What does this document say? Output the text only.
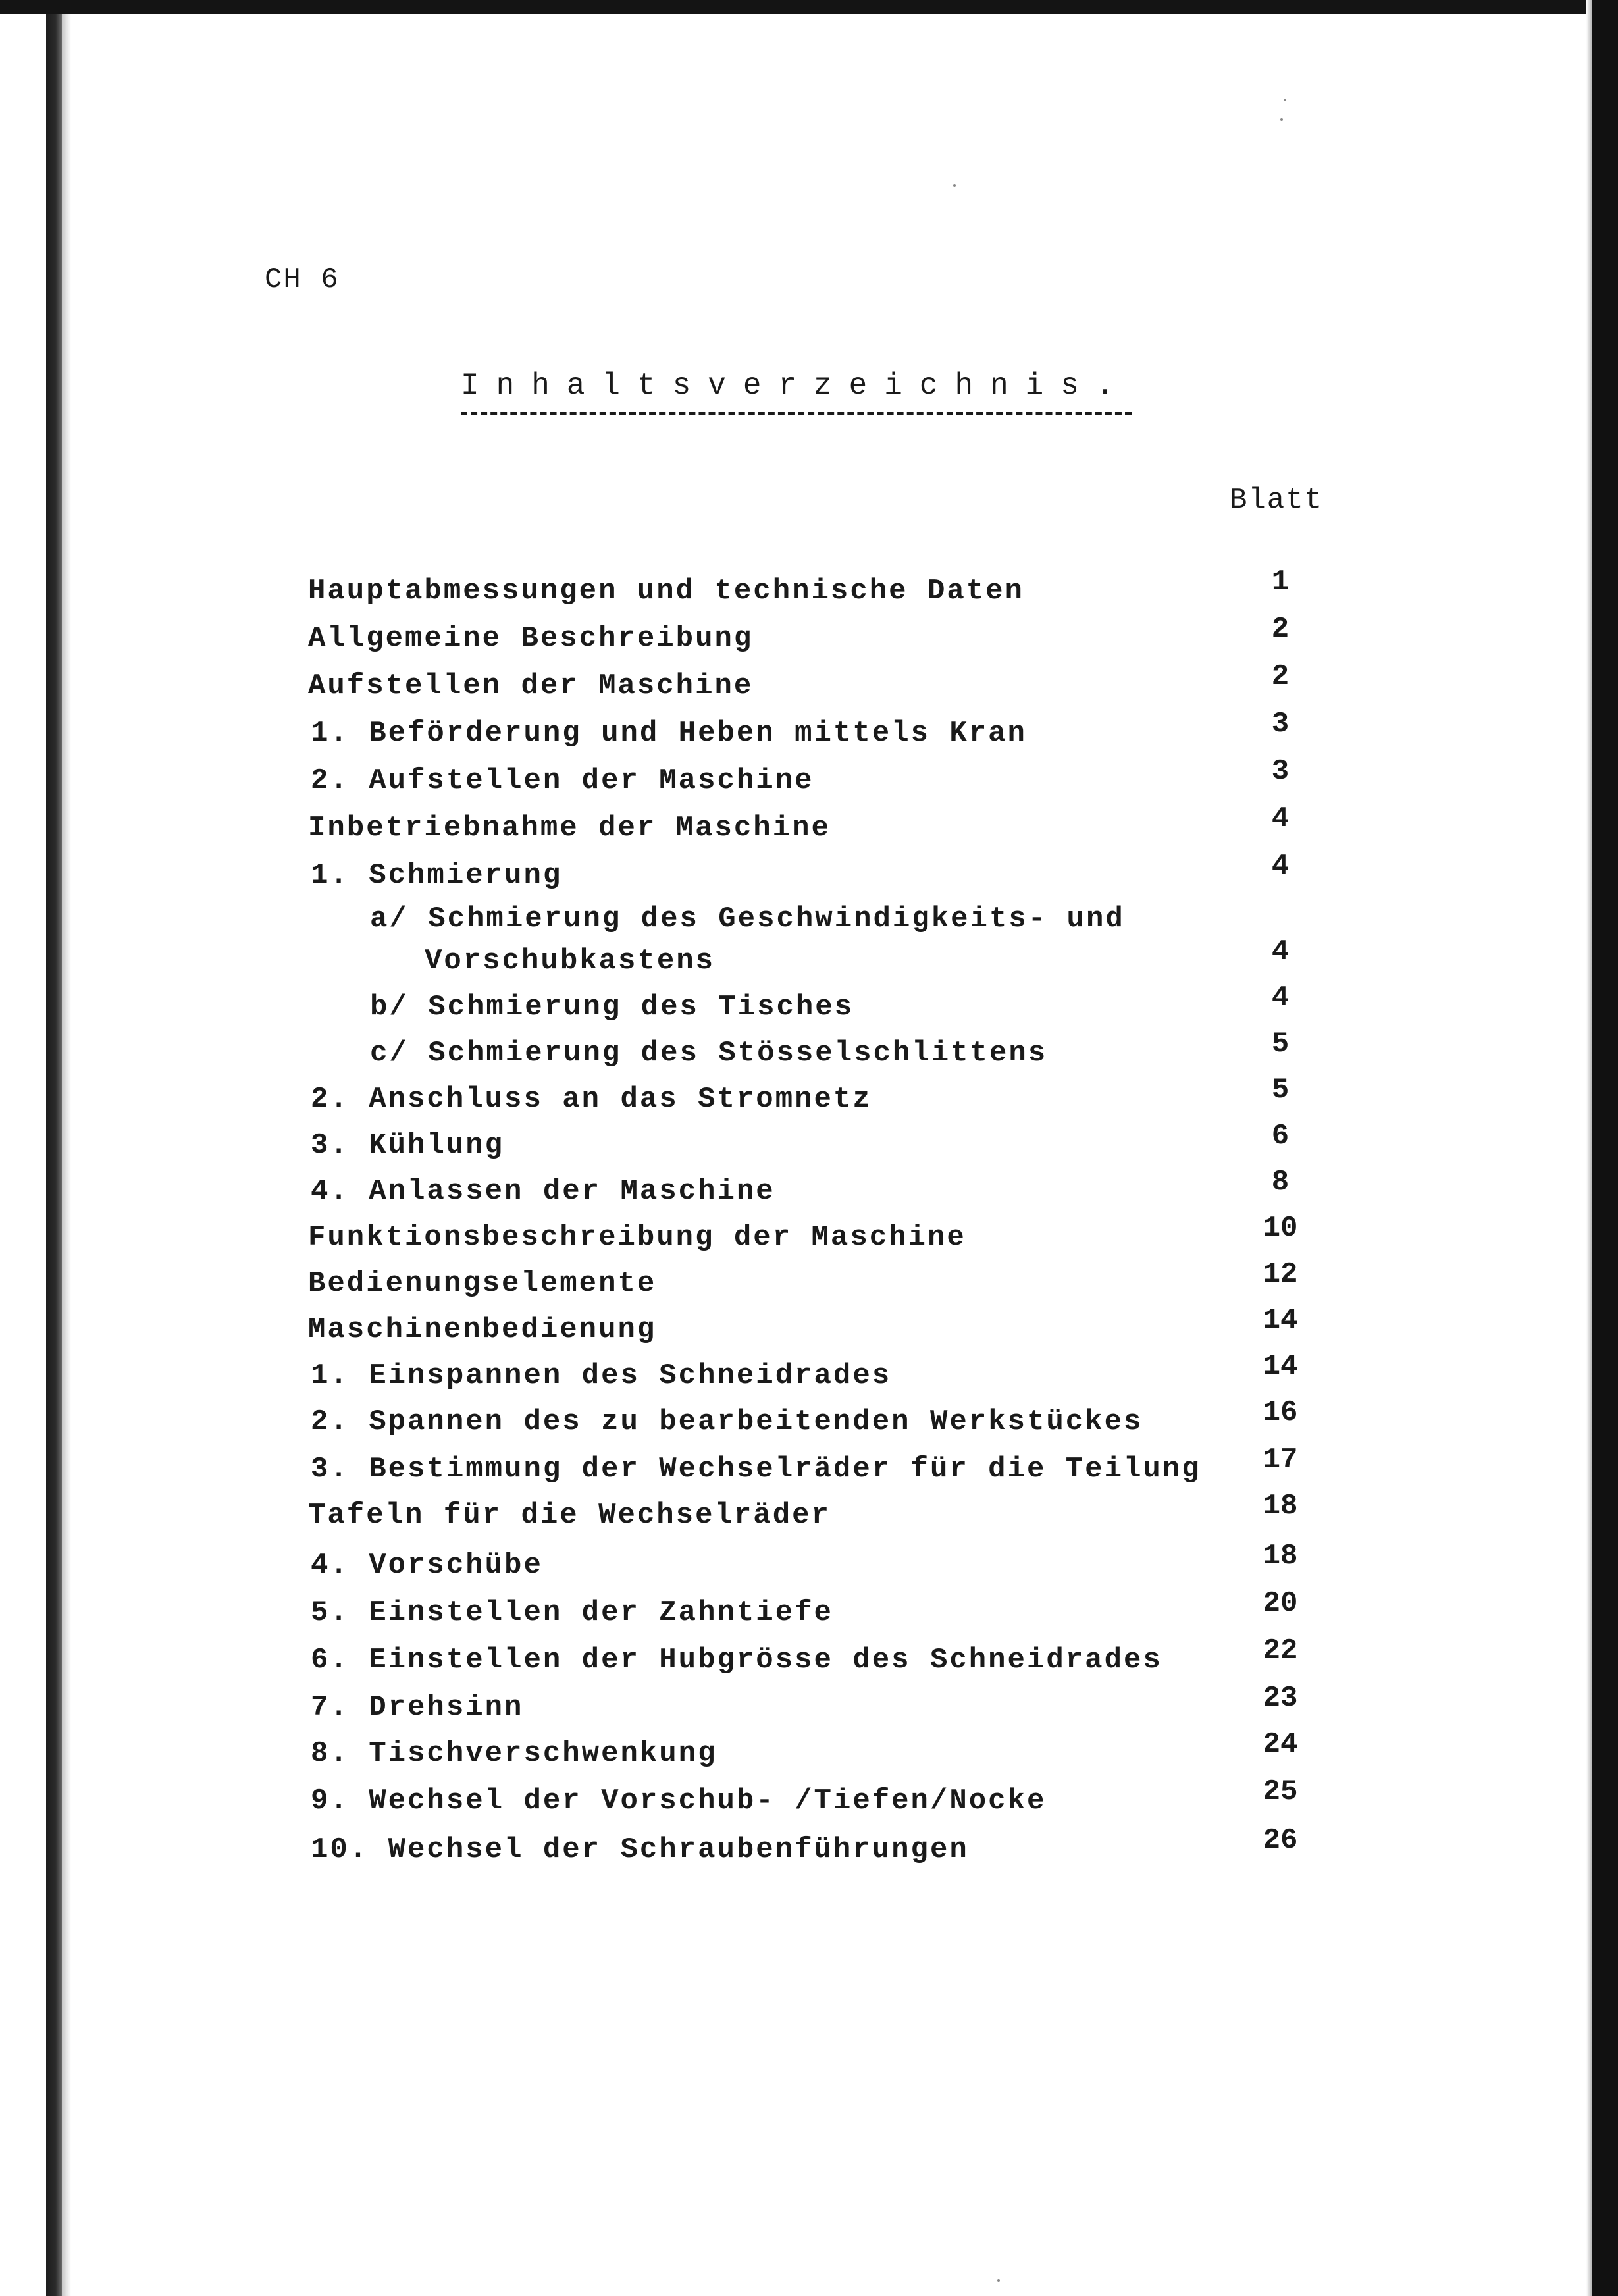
CH 6
Inhaltsverzeichnis.
Blatt
Hauptabmessungen und technische Daten	1
Allgemeine Beschreibung	2
Aufstellen der Maschine	2
1. Beförderung und Heben mittels Kran	3
2. Aufstellen der Maschine	3
Inbetriebnahme der Maschine	4
1. Schmierung	4
a/ Schmierung des Geschwindigkeits- und
Vorschubkastens	4
b/ Schmierung des Tisches	4
c/ Schmierung des Stösselschlittens	5
2. Anschluss an das Stromnetz	5
3. Kühlung	6
4. Anlassen der Maschine	8
Funktionsbeschreibung der Maschine	10
Bedienungselemente	12
Maschinenbedienung	14
1. Einspannen des Schneidrades	14
2. Spannen des zu bearbeitenden Werkstückes	16
3. Bestimmung der Wechselräder für die Teilung	17
Tafeln für die Wechselräder	18
4. Vorschübe	18
5. Einstellen der Zahntiefe	20
6. Einstellen der Hubgrösse des Schneidrades	22
7. Drehsinn	23
8. Tischverschwenkung	24
9. Wechsel der Vorschub- /Tiefen/Nocke	25
10. Wechsel der Schraubenführungen	26
